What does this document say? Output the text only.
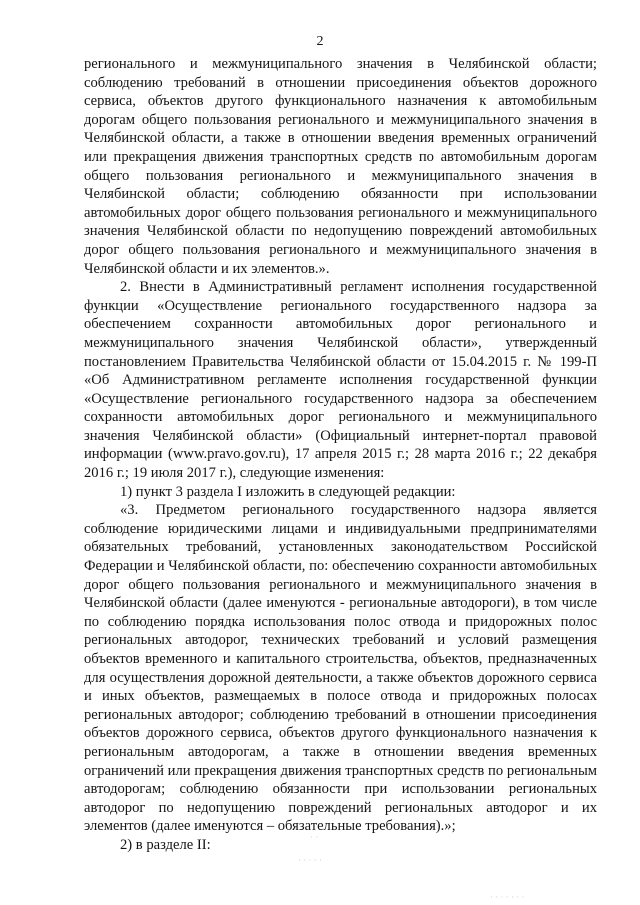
2

регионального и межмуниципального значения в Челябинской области; соблюдению требований в отношении присоединения объектов дорожного сервиса, объектов другого функционального назначения к автомобильным дорогам общего пользования регионального и межмуниципального значения в Челябинской области, а также в отношении введения временных ограничений или прекращения движения транспортных средств по автомобильным дорогам общего пользования регионального и межмуниципального значения в Челябинской области; соблюдению обязанности при использовании автомобильных дорог общего пользования регионального и межмуниципального значения Челябинской области по недопущению повреждений автомобильных дорог общего пользования регионального и межмуниципального значения в Челябинской области и их элементов.».

2. Внести в Административный регламент исполнения государственной функции «Осуществление регионального государственного надзора за обеспечением сохранности автомобильных дорог регионального и межмуниципального значения Челябинской области», утвержденный постановлением Правительства Челябинской области от 15.04.2015 г. № 199-П «Об Административном регламенте исполнения государственной функции «Осуществление регионального государственного надзора за обеспечением сохранности автомобильных дорог регионального и межмуниципального значения Челябинской области» (Официальный интернет-портал правовой информации (www.pravo.gov.ru), 17 апреля 2015 г.; 28 марта 2016 г.; 22 декабря 2016 г.; 19 июля 2017 г.), следующие изменения:

1) пункт 3 раздела I изложить в следующей редакции:

«3. Предметом регионального государственного надзора является соблюдение юридическими лицами и индивидуальными предпринимателями обязательных требований, установленных законодательством Российской Федерации и Челябинской области, по: обеспечению сохранности автомобильных дорог общего пользования регионального и межмуниципального значения в Челябинской области (далее именуются - региональные автодороги), в том числе по соблюдению порядка использования полос отвода и придорожных полос региональных автодорог, технических требований и условий размещения объектов временного и капитального строительства, объектов, предназначенных для осуществления дорожной деятельности, а также объектов дорожного сервиса и иных объектов, размещаемых в полосе отвода и придорожных полосах региональных автодорог; соблюдению требований в отношении присоединения объектов дорожного сервиса, объектов другого функционального назначения к региональным автодорогам, а также в отношении введения временных ограничений или прекращения движения транспортных средств по региональным автодорогам; соблюдению обязанности при использовании региональных автодорог по недопущению повреждений региональных автодорог и их элементов (далее именуются – обязательные требования).»;

2) в разделе II:	· ·
· · · · ·
· · · · · · ·
